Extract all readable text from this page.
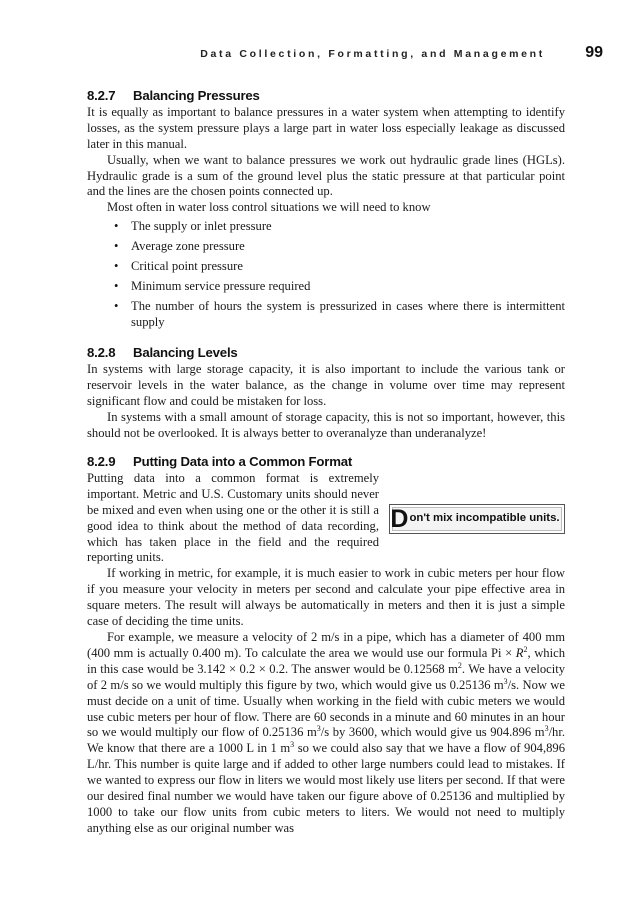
Data Collection, Formatting, and Management	99
8.2.7 Balancing Pressures

It is equally as important to balance pressures in a water system when attempting to identify losses, as the system pressure plays a large part in water loss especially leakage as discussed later in this manual.

Usually, when we want to balance pressures we work out hydraulic grade lines (HGLs). Hydraulic grade is a sum of the ground level plus the static pressure at that particular point and the lines are the chosen points connected up.

Most often in water loss control situations we will need to know

• The supply or inlet pressure
• Average zone pressure
• Critical point pressure
• Minimum service pressure required
• The number of hours the system is pressurized in cases where there is intermittent supply
8.2.8 Balancing Levels

In systems with large storage capacity, it is also important to include the various tank or reservoir levels in the water balance, as the change in volume over time may represent significant flow and could be mistaken for loss.

In systems with a small amount of storage capacity, this is not so important, however, this should not be overlooked. It is always better to overanalyze than underanalyze!

8.2.9 Putting Data into a Common Format
D on't mix incompatible units.

Putting data into a common format is extremely important. Metric and U.S. Customary units should never be mixed and even when using one or the other it is still a good idea to think about the method of data recording, which has taken place in the field and the required reporting units.

If working in metric, for example, it is much easier to work in cubic meters per hour flow if you measure your velocity in meters per second and calculate your pipe effective area in square meters. The result will always be automatically in meters and then it is just a simple case of deciding the time units.

For example, we measure a velocity of 2 m/s in a pipe, which has a diameter of 400 mm (400 mm is actually 0.400 m). To calculate the area we would use our formula $Pi \times R^2$, which in this case would be 3.142 × 0.2 × 0.2. The answer would be 0.12568 $m^2$. We have a velocity of 2 m/s so we would multiply this figure by two, which would give us 0.25136 $m^3/s$. Now we must decide on a unit of time. Usually when working in the field with cubic meters we would use cubic meters per hour of flow. There are 60 seconds in a minute and 60 minutes in an hour so we would multiply our flow of 0.25136 $m^3/s$ by 3600, which would give us 904.896 $m^3/hr$. We know that there are a 1000 L in 1 $m^3$ so we could also say that we have a flow of 904,896 L/hr. This number is quite large and if added to other large numbers could lead to mistakes. If we wanted to express our flow in liters we would most likely use liters per second. If that were our desired final number we would have taken our figure above of 0.25136 and multiplied by 1000 to take our flow units from cubic meters to liters. We would not need to multiply anything else as our original number was
